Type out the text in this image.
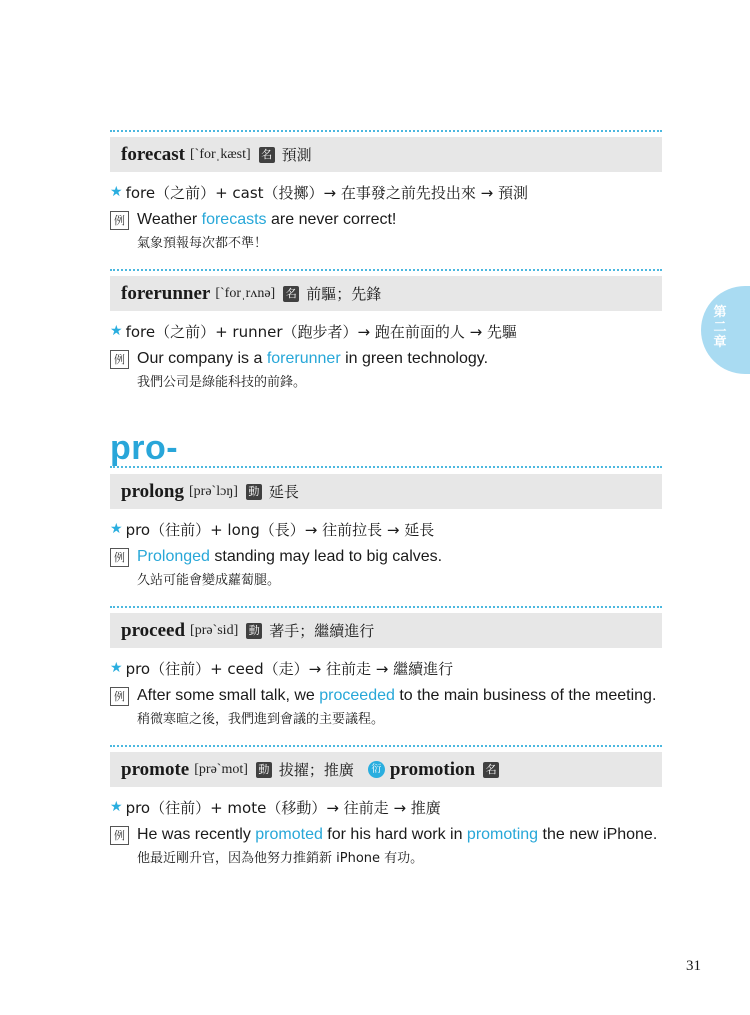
forecast [ˋforˌkæst] 名 預測
★ fore（之前）+ cast（投擲）→ 在事發之前先投出來 → 預測
例 Weather forecasts are never correct!
氣象預報每次都不準！
forerunner [ˋforˌrʌnə] 名 前驅；先鋒
★ fore（之前）+ runner（跑步者）→ 跑在前面的人 → 先驅
例 Our company is a forerunner in green technology.
我們公司是綠能科技的前鋒。
pro-
prolong [prəˋlɔŋ] 動 延長
★ pro（往前）+ long（長）→ 往前拉長 → 延長
例 Prolonged standing may lead to big calves.
久站可能會變成蘿蔔腿。
proceed [prəˋsid] 動 著手；繼續進行
★ pro（往前）+ ceed（走）→ 往前走 → 繼續進行
例 After some small talk, we proceeded to the main business of the meeting.
稍微寒暄之後，我們進到會議的主要議程。
promote [prəˋmot] 動 拔擢；推廣	衍 promotion 名
★ pro（往前）+ mote（移動）→ 往前走 → 推廣
例 He was recently promoted for his hard work in promoting the new iPhone.
他最近剛升官，因為他努力推銷新 iPhone 有功。
第二章
31
